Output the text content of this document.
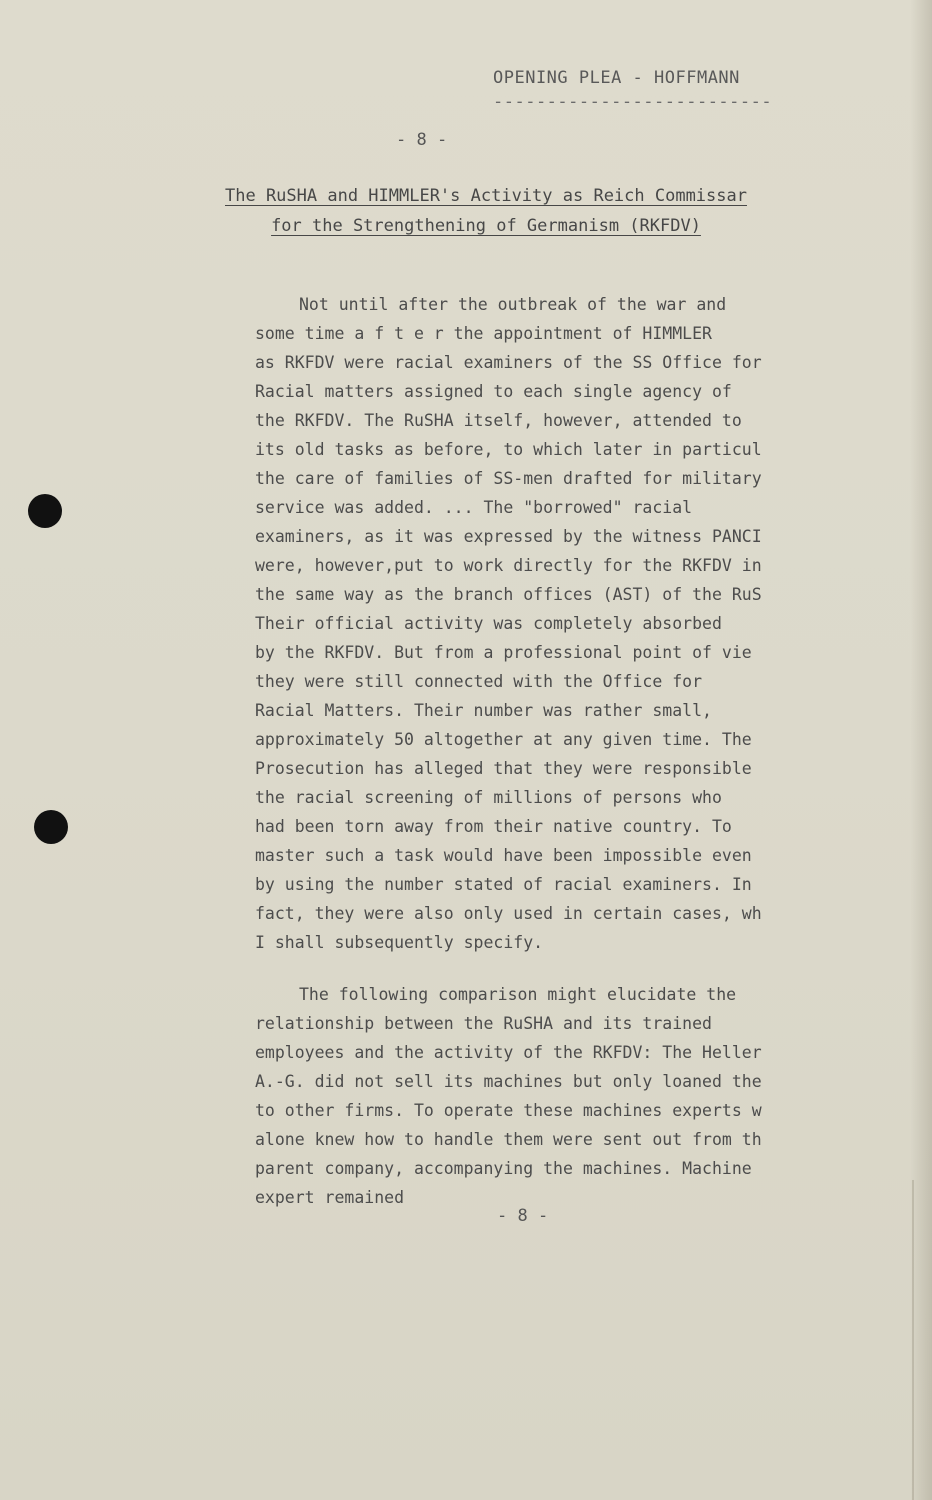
OPENING PLEA - HOFFMANN
--------------------------
- 8 -
The RuSHA and HIMMLER's Activity as Reich Commissar
for the Strengthening of Germanism (RKFDV)
Not until after the outbreak of the war and
some time a f t e r the appointment of HIMMLER
as RKFDV were racial examiners of the SS Office for
Racial matters assigned to each single agency of
the RKFDV. The RuSHA itself, however, attended to
its old tasks as before, to which later in particul
the care of families of SS-men drafted for military
service was added. ... The "borrowed" racial
examiners, as it was expressed by the witness PANCI
were, however,put to work directly for the RKFDV in
the same way as the branch offices (AST) of the RuS
Their official activity was completely absorbed
by the RKFDV. But from a professional point of vie
they were still connected with the Office for
Racial Matters. Their number was rather small,
approximately 50 altogether at any given time. The
Prosecution has alleged that they were responsible
the racial screening of millions of persons who
had been torn away from their native country. To
master such a task would have been impossible even
by using the number stated of racial examiners. In
fact, they were also only used in certain cases, wh
I shall subsequently specify.
The following comparison might elucidate the
relationship between the RuSHA and its trained
employees and the activity of the RKFDV: The Heller
A.-G. did not sell its machines but only loaned the
to other firms. To operate these machines experts w
alone knew how to handle them were sent out from th
parent company, accompanying the machines. Machine
expert remained
- 8 -
